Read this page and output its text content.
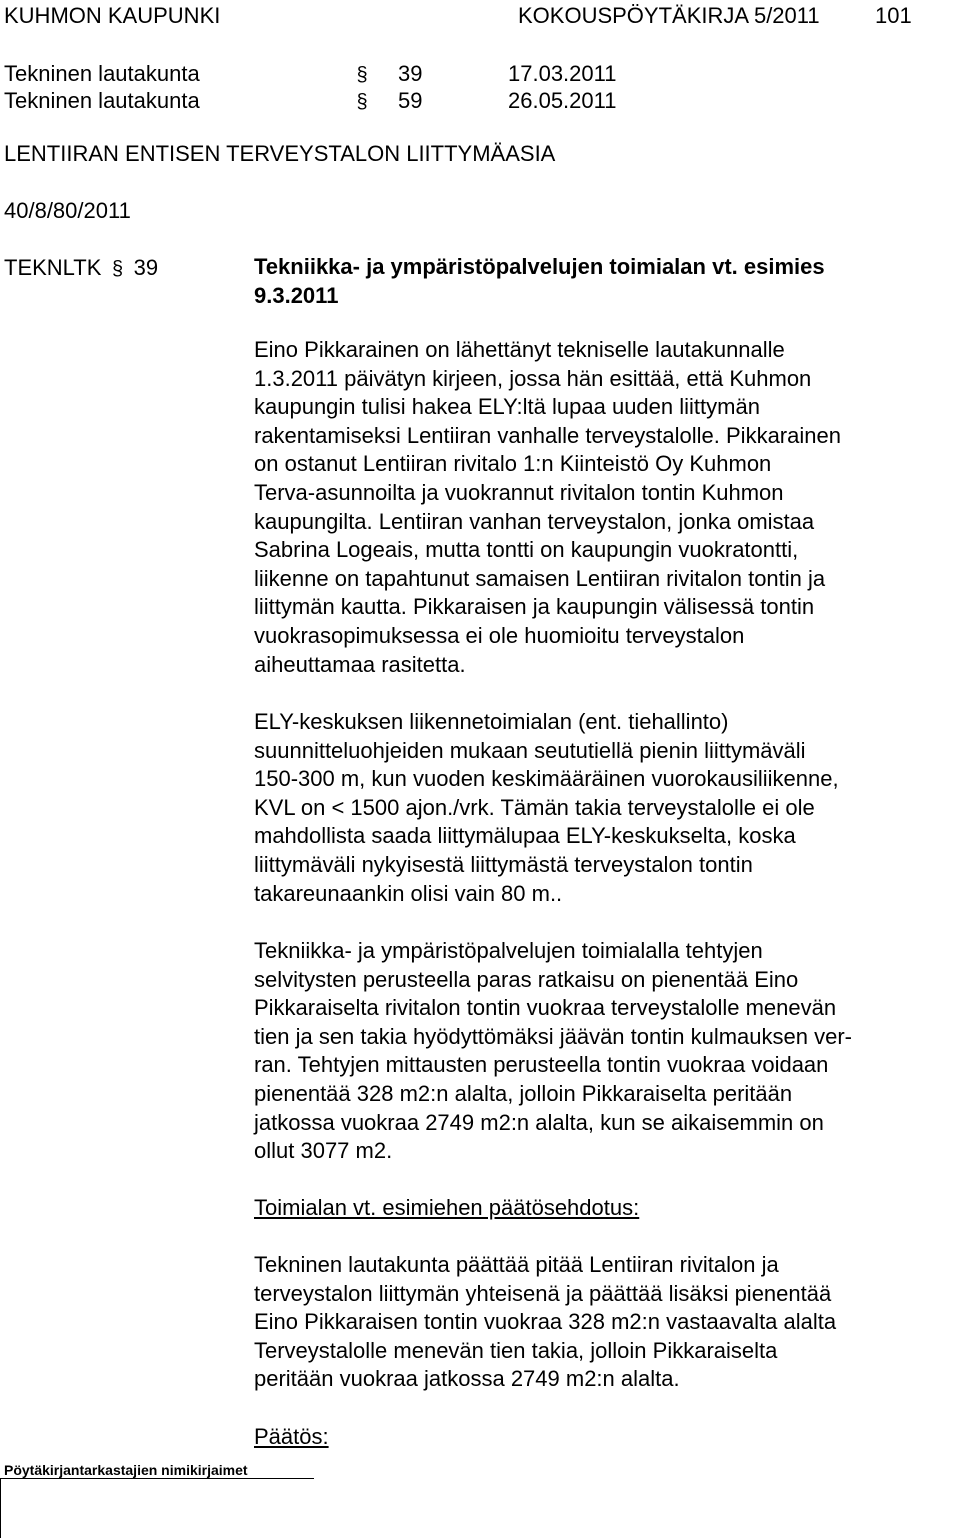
KUHMON KAUPUNKI	KOKOUSPÖYTÄKIRJA 5/2011	101
Tekninen lautakunta	§ 39	17.03.2011
Tekninen lautakunta	§ 59	26.05.2011
LENTIIRAN ENTISEN TERVEYSTALON LIITTYMÄASIA
40/8/80/2011
TEKNLTK § 39	Tekniikka- ja ympäristöpalvelujen toimialan vt. esimies
9.3.2011

Eino Pikkarainen on lähettänyt tekniselle lautakunnalle

1.3.2011 päivätyn kirjeen, jossa hän esittää, että Kuhmon

kaupungin tulisi hakea ELY:ltä lupaa uuden liittymän

rakentamiseksi Lentiiran vanhalle terveystalolle. Pikkarainen

on ostanut Lentiiran rivitalo 1:n Kiinteistö Oy Kuhmon

Terva-asunnoilta ja vuokrannut rivitalon tontin Kuhmon

kaupungilta. Lentiiran vanhan terveystalon, jonka omistaa

Sabrina Logeais, mutta tontti on kaupungin vuokratontti,

liikenne on tapahtunut samaisen Lentiiran rivitalon tontin ja

liittymän kautta. Pikkaraisen ja kaupungin välisessä tontin

vuokrasopimuksessa ei ole huomioitu terveystalon

aiheuttamaa rasitetta.

ELY-keskuksen liikennetoimialan (ent. tiehallinto)

suunnitteluohjeiden mukaan seututiellä pienin liittymäväli

150-300 m, kun vuoden keskimääräinen vuorokausiliikenne,

KVL on < 1500 ajon./vrk. Tämän takia terveystalolle ei ole

mahdollista saada liittymälupaa ELY-keskukselta, koska

liittymäväli nykyisestä liittymästä terveystalon tontin

takareunaankin olisi vain 80 m..

Tekniikka- ja ympäristöpalvelujen toimialalla tehtyjen

selvitysten perusteella paras ratkaisu on pienentää Eino

Pikkaraiselta rivitalon tontin vuokraa terveystalolle menevän

tien ja sen takia hyödyttömäksi jäävän tontin kulmauksen ver-

ran. Tehtyjen mittausten perusteella tontin vuokraa voidaan

pienentää 328 m2:n alalta, jolloin Pikkaraiselta peritään

jatkossa vuokraa 2749 m2:n alalta, kun se aikaisemmin on

ollut 3077 m2.

Toimialan vt. esimiehen päätösehdotus:

Tekninen lautakunta päättää pitää Lentiiran rivitalon ja

terveystalon liittymän yhteisenä ja päättää lisäksi pienentää

Eino Pikkaraisen tontin vuokraa 328 m2:n vastaavalta alalta

Terveystalolle menevän tien takia, jolloin Pikkaraiselta

peritään vuokraa jatkossa 2749 m2:n alalta.

Päätös:
Pöytäkirjantarkastajien nimikirjaimet
